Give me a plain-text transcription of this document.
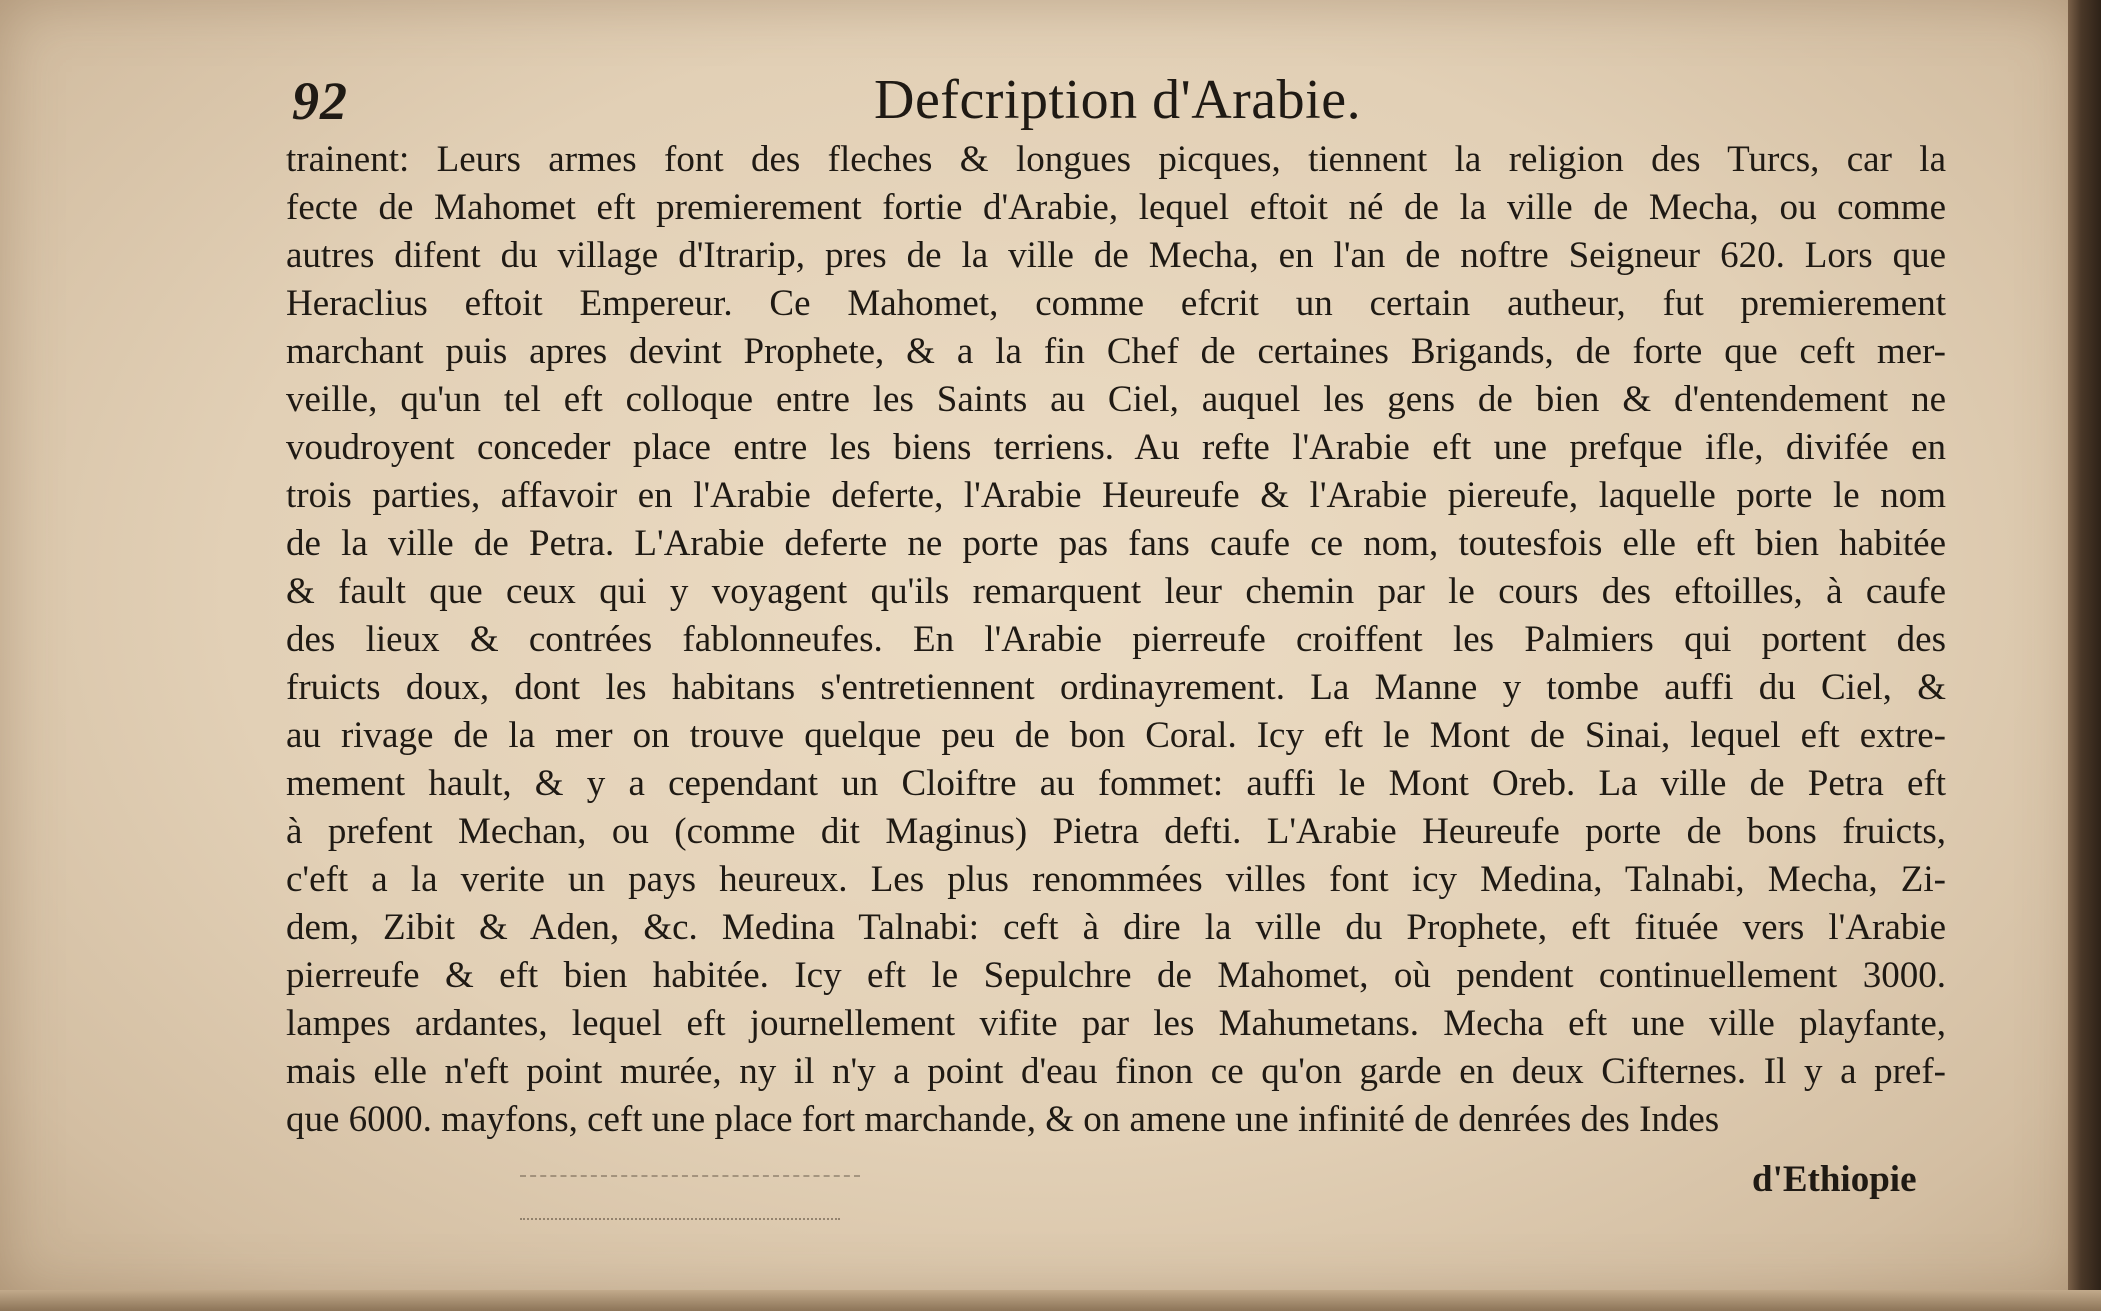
92	Defcription d'Arabie.
trainent: Leurs armes font des fleches & longues picques, tiennent la religion des Turcs, car la
fecte de Mahomet eft premierement fortie d'Arabie, lequel eftoit né de la ville de Mecha, ou comme
autres difent du village d'Itrarip, pres de la ville de Mecha, en l'an de noftre Seigneur 620. Lors que
Heraclius eftoit Empereur. Ce Mahomet, comme efcrit un certain autheur, fut premierement
marchant puis apres devint Prophete, & a la fin Chef de certaines Brigands, de forte que ceft mer-
veille, qu'un tel eft colloque entre les Saints au Ciel, auquel les gens de bien & d'entendement ne
voudroyent conceder place entre les biens terriens. Au refte l'Arabie eft une prefque ifle, divifée en
trois parties, affavoir en l'Arabie deferte, l'Arabie Heureufe & l'Arabie piereufe, laquelle porte le nom
de la ville de Petra. L'Arabie deferte ne porte pas fans caufe ce nom, toutesfois elle eft bien habitée
& fault que ceux qui y voyagent qu'ils remarquent leur chemin par le cours des eftoilles, à caufe
des lieux & contrées fablonneufes. En l'Arabie pierreufe croiffent les Palmiers qui portent des
fruicts doux, dont les habitans s'entretiennent ordinayrement. La Manne y tombe auffi du Ciel, &
au rivage de la mer on trouve quelque peu de bon Coral. Icy eft le Mont de Sinai, lequel eft extre-
mement hault, & y a cependant un Cloiftre au fommet: auffi le Mont Oreb. La ville de Petra eft
à prefent Mechan, ou (comme dit Maginus) Pietra defti. L'Arabie Heureufe porte de bons fruicts,
c'eft a la verite un pays heureux. Les plus renommées villes font icy Medina, Talnabi, Mecha, Zi-
dem, Zibit & Aden, &c. Medina Talnabi: ceft à dire la ville du Prophete, eft fituée vers l'Arabie
pierreufe & eft bien habitée. Icy eft le Sepulchre de Mahomet, où pendent continuellement 3000.
lampes ardantes, lequel eft journellement vifite par les Mahumetans. Mecha eft une ville playfante,
mais elle n'eft point murée, ny il n'y a point d'eau finon ce qu'on garde en deux Cifternes. Il y a pref-
que 6000. mayfons, ceft une place fort marchande, & on amene une infinité de denrées des Indes
d'Ethiopie
